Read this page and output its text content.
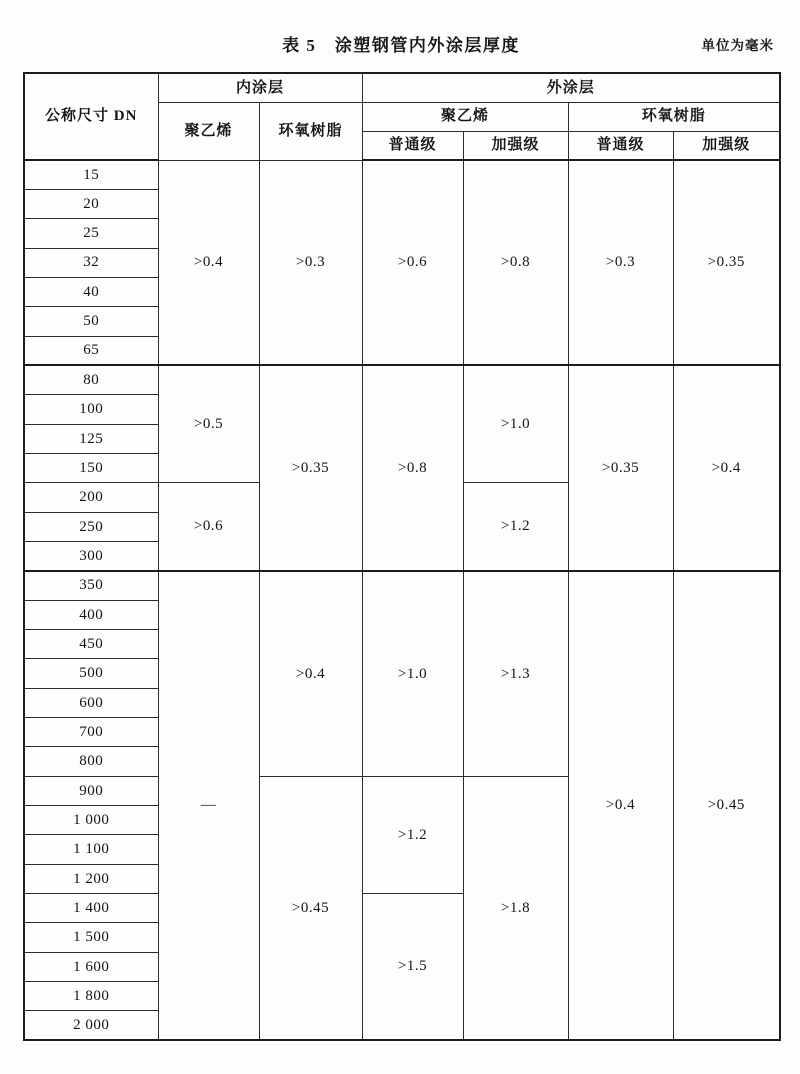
表 5　涂塑钢管内外涂层厚度	单位为毫米
公称尺寸 DN	内涂层		外涂层			
	聚乙烯	环氧树脂	聚乙烯		环氧树脂	
			普通级	加强级	普通级	加强级
15	>0.4	>0.3	>0.6	>0.8	>0.3	>0.35
20						
25						
32						
40						
50						
65						
80	>0.5	>0.35	>0.8	>1.0	>0.35	>0.4
100						
125						
150						
200	>0.6			>1.2		
250						
300						
350	—	>0.4	>1.0	>1.3	>0.4	>0.45
400						
450						
500						
600						
700						
800						
900		>0.45	>1.2	>1.8		
1 000						
1 100						
1 200						
1 400			>1.5			
1 500						
1 600						
1 800						
2 000						
